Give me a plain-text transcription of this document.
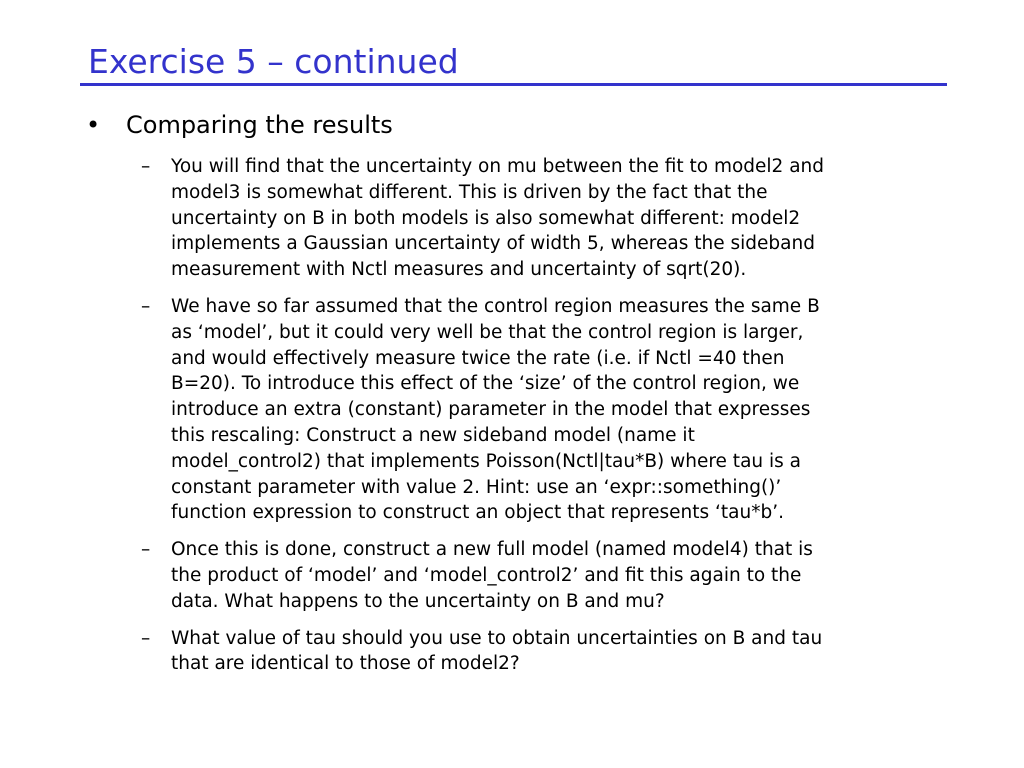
Exercise 5 – continued
• Comparing the results
– You will find that the uncertainty on mu between the fit to model2 and
model3 is somewhat different. This is driven by the fact that the
uncertainty on B in both models is also somewhat different: model2
implements a Gaussian uncertainty of width 5, whereas the sideband
measurement with Nctl measures and uncertainty of sqrt(20).
– We have so far assumed that the control region measures the same B
as ‘model’, but it could very well be that the control region is larger,
and would effectively measure twice the rate (i.e. if Nctl =40 then
B=20). To introduce this effect of the ‘size’ of the control region, we
introduce an extra (constant) parameter in the model that expresses
this rescaling: Construct a new sideband model (name it
model_control2) that implements Poisson(Nctl|tau*B) where tau is a
constant parameter with value 2. Hint: use an ‘expr::something()’
function expression to construct an object that represents ‘tau*b’.
– Once this is done, construct a new full model (named model4) that is
the product of ‘model’ and ‘model_control2’ and fit this again to the
data. What happens to the uncertainty on B and mu?
– What value of tau should you use to obtain uncertainties on B and tau
that are identical to those of model2?
